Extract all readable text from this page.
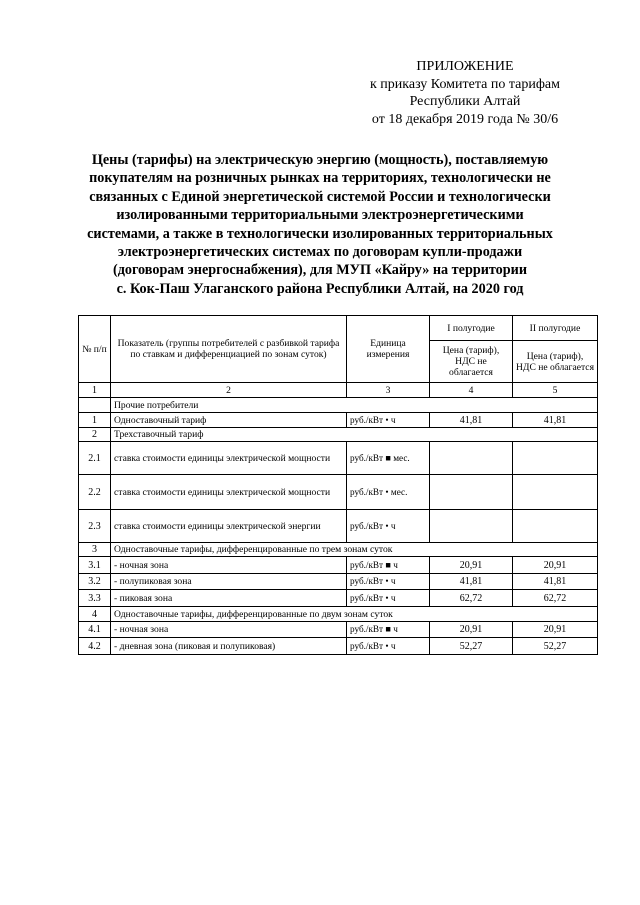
ПРИЛОЖЕНИЕ
к приказу Комитета по тарифам
Республики Алтай
от 18 декабря 2019 года № 30/6
Цены (тарифы) на электрическую энергию (мощность), поставляемую
покупателям на розничных рынках на территориях, технологически не
связанных с Единой энергетической системой России и технологически
изолированными территориальными электроэнергетическими
системами, а также в технологически изолированных территориальных
электроэнергетических системах по договорам купли-продажи
(договорам энергоснабжения), для МУП «Кайру» на территории
с. Кок-Паш Улаганского района Республики Алтай, на 2020 год
№ п/п	Показатель (группы потребителей с разбивкой тарифа по ставкам и дифференциацией по зонам суток)	Единица измерения	I полугодие	II полугодие
			Цена (тариф), НДС не облагается	Цена (тариф), НДС не облагается
1	2	3	4	5
	Прочие потребители			
1	Одноставочный тариф	руб./кВт • ч	41,81	41,81
2	Трехставочный тариф			
2.1	ставка стоимости единицы электрической мощности	руб./кВт ■ мес.		
2.2	ставка стоимости единицы электрической мощности	руб./кВт • мес.		
2.3	ставка стоимости единицы электрической энергии	руб./кВт • ч		
3	Одноставочные тарифы, дифференцированные по трем зонам суток			
3.1	- ночная зона	руб./кВт ■ ч	20,91	20,91
3.2	- полупиковая зона	руб./кВт • ч	41,81	41,81
3.3	- пиковая зона	руб./кВт • ч	62,72	62,72
4	Одноставочные тарифы, дифференцированные по двум зонам суток			
4.1	- ночная зона	руб./кВт ■ ч	20,91	20,91
4.2	- дневная зона (пиковая и полупиковая)	руб./кВт • ч	52,27	52,27
